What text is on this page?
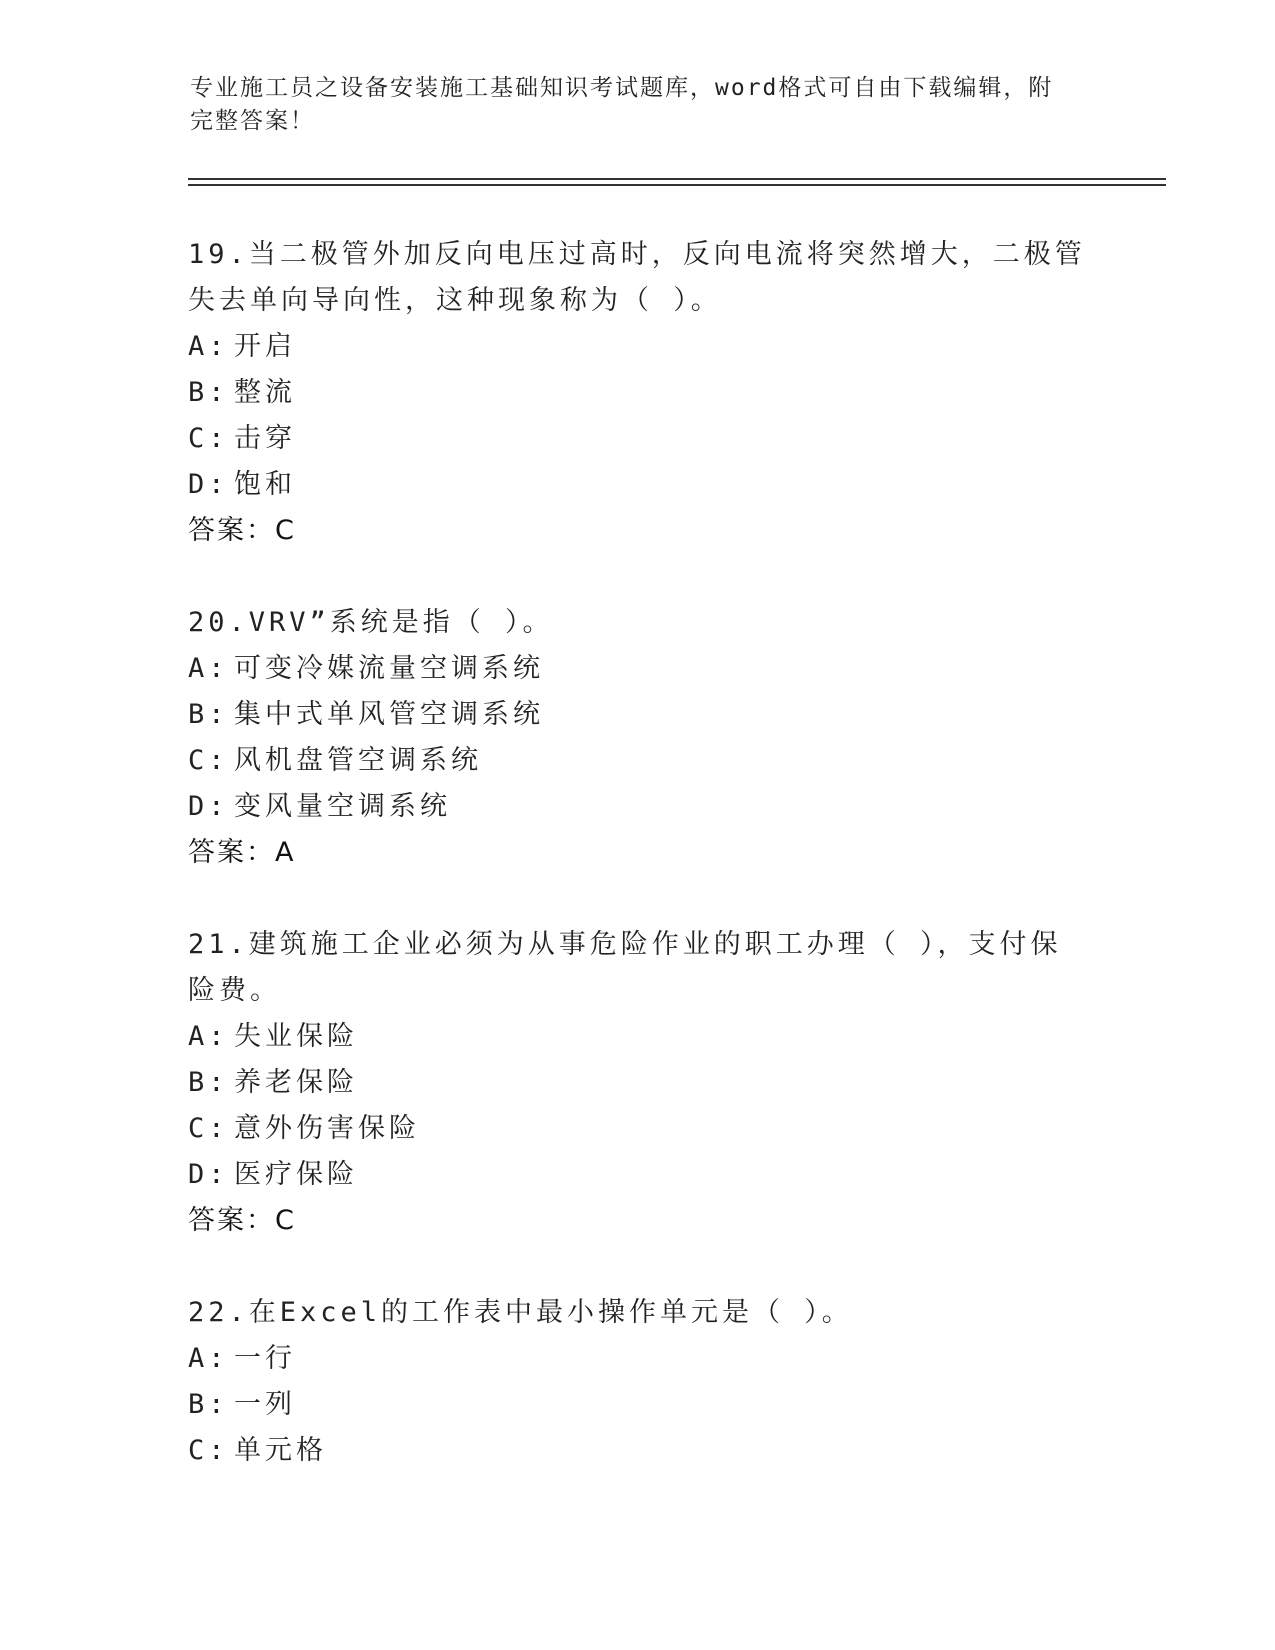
专业施工员之设备安装施工基础知识考试题库，word格式可自由下载编辑，附完整答案！
19.当二极管外加反向电压过高时，反向电流将突然增大，二极管失去单向导向性，这种现象称为（ ）。
A: 开启
B: 整流
C: 击穿
D: 饱和
答案：C
20.VRV”系统是指（ ）。
A: 可变冷媒流量空调系统
B: 集中式单风管空调系统
C: 风机盘管空调系统
D: 变风量空调系统
答案：A
21.建筑施工企业必须为从事危险作业的职工办理（ ），支付保险费。
A: 失业保险
B: 养老保险
C: 意外伤害保险
D: 医疗保险
答案：C
22.在Excel的工作表中最小操作单元是（ ）。
A: 一行
B: 一列
C: 单元格
